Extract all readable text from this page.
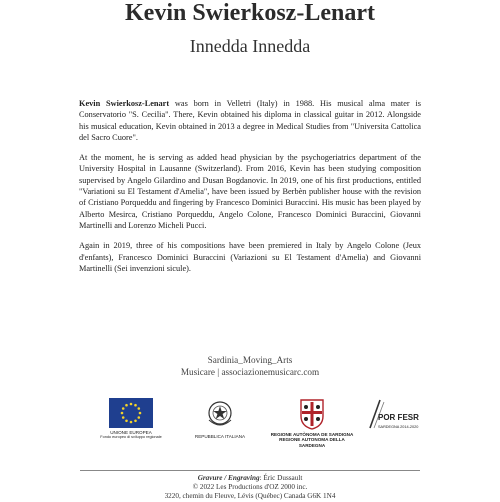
Kevin Swierkosz-Lenart
Innedda Innedda

Kevin Swierkosz-Lenart was born in Velletri (Italy) in 1988. His musical alma mater is Conservatorio "S. Cecilia". There, Kevin obtained his diploma in classical guitar in 2012. Alongside his musical education, Kevin obtained in 2013 a degree in Medical Studies from "Universita Cattolica del Sacro Cuore".

At the moment, he is serving as added head physician by the psychogeriatrics department of the University Hospital in Lausanne (Switzerland). From 2016, Kevin has been studying composition supervised by Angelo Gilardino and Dusan Bogdanovic. In 2019, one of his first productions, entitled "Variationi su El Testament d'Amelia", have been issued by Berbèn publisher house with the revision of Cristiano Porqueddu and fingering by Francesco Dominici Buraccini. His music has been played by Alberto Mesirca, Cristiano Porqueddu, Angelo Colone, Francesco Dominici Buraccini, Giovanni Martinelli and Lorenzo Micheli Pucci.

Again in 2019, three of his compositions have been premiered in Italy by Angelo Colone (Jeux d'enfants), Francesco Dominici Buraccini (Variazioni su El Testament d'Amelia) and Giovanni Martinelli (Sei invenzioni sicule).

Sardinia_Moving_Arts
Musicare | associazionemusicarc.com
UNIONE EUROPEA
Fondo europeo di sviluppo regionale	REPUBBLICA ITALIANA	REGIONE AUTÒNOMA DE SARDIGNA
REGIONE AUTONOMA DELLA SARDEGNA
POR FESR
SARDEGNA 2014-2020
Gravure / Engraving: Éric Dussault
© 2022 Les Productions d'OZ 2000 inc.
3220, chemin du Fleuve, Lévis (Québec) Canada G6K 1N4
